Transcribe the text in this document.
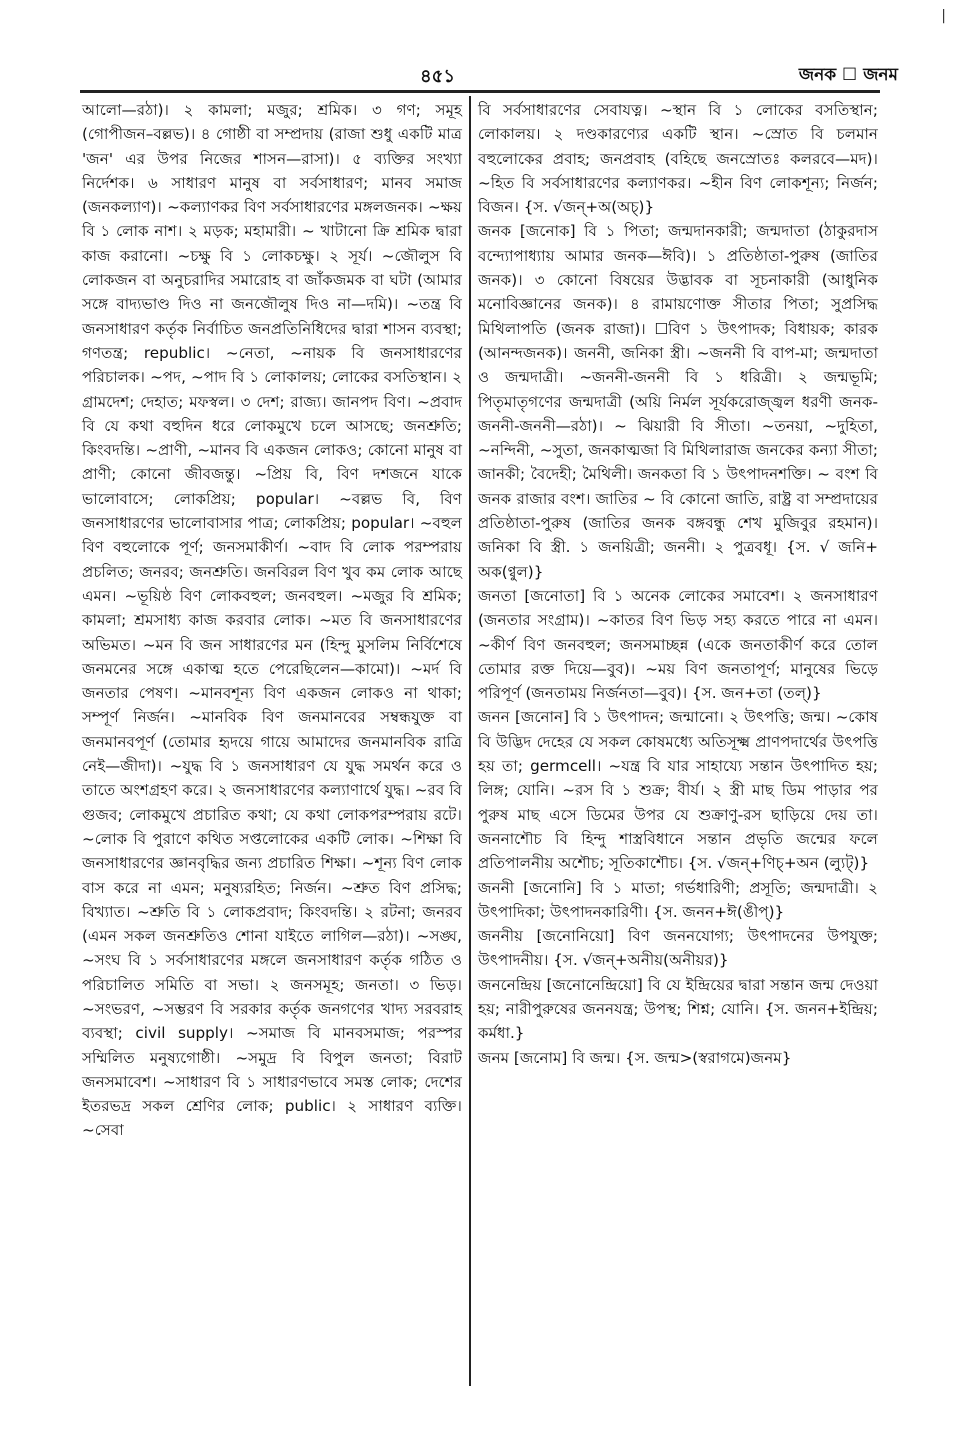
|
৪৫১	জনক ☐ জনম

আলো—রঠা)। ২ কামলা; মজুর; শ্রমিক। ৩ গণ; সমূহ (গোপীজন–বল্লভ)। ৪ গোষ্ঠী বা সম্প্রদায় (রাজা শুধু একটি মাত্র 'জন' এর উপর নিজের শাসন—রাসা)। ৫ ব্যক্তির সংখ্যা নির্দেশক। ৬ সাধারণ মানুষ বা সর্বসাধারণ; মানব সমাজ (জনকল্যাণ)। ~কল্যাণকর বিণ সর্বসাধারণের মঙ্গলজনক। ~ক্ষয় বি ১ লোক নাশ। ২ মড়ক; মহামারী। ~ খাটানো ক্রি শ্রমিক দ্বারা কাজ করানো। ~চক্ষু বি ১ লোকচক্ষু। ২ সূর্য। ~জৌলুস বি লোকজন বা অনুচরাদির সমারোহ বা জাঁকজমক বা ঘটা (আমার সঙ্গে বাদ্যভাণ্ড দিও না জনজৌলুষ দিও না—দমি)। ~তন্ত্র বি জনসাধারণ কর্তৃক নির্বাচিত জনপ্রতিনিধিদের দ্বারা শাসন ব্যবস্থা; গণতন্ত্র; republic। ~নেতা, ~নায়ক বি জনসাধারণের পরিচালক। ~পদ, ~পাদ বি ১ লোকালয়; লোকের বসতিস্থান। ২ গ্রামদেশ; দেহাত; মফস্বল। ৩ দেশ; রাজ্য। জানপদ বিণ। ~প্রবাদ বি যে কথা বহুদিন ধরে লোকমুখে চলে আসছে; জনশ্রুতি; কিংবদন্তি। ~প্রাণী, ~মানব বি একজন লোকও; কোনো মানুষ বা প্রাণী; কোনো জীবজন্তু। ~প্রিয় বি, বিণ দশজনে যাকে ভালোবাসে; লোকপ্রিয়; popular। ~বল্লভ বি, বিণ জনসাধারণের ভালোবাসার পাত্র; লোকপ্রিয়; popular। ~বহুল বিণ বহুলোকে পূর্ণ; জনসমাকীর্ণ। ~বাদ বি লোক পরম্পরায় প্রচলিত; জনরব; জনশ্রুতি। জনবিরল বিণ খুব কম লোক আছে এমন। ~ভূয়িষ্ঠ বিণ লোকবহুল; জনবহুল। ~মজুর বি শ্রমিক; কামলা; শ্রমসাধ্য কাজ করবার লোক। ~মত বি জনসাধারণের অভিমত। ~মন বি জন সাধারণের মন (হিন্দু মুসলিম নির্বিশেষে জনমনের সঙ্গে একাত্ম হতে পেরেছিলেন—কামো)। ~মর্দ বি জনতার পেষণ। ~মানবশূন্য বিণ একজন লোকও না থাকা; সম্পূর্ণ নির্জন। ~মানবিক বিণ জনমানবের সম্বন্ধযুক্ত বা জনমানবপূর্ণ (তোমার হৃদয়ে গায়ে আমাদের জনমানবিক রাত্রি নেই—জীদা)। ~যুদ্ধ বি ১ জনসাধারণ যে যুদ্ধ সমর্থন করে ও তাতে অংশগ্রহণ করে। ২ জনসাধারণের কল্যাণার্থে যুদ্ধ। ~রব বি গুজব; লোকমুখে প্রচারিত কথা; যে কথা লোকপরম্পরায় রটে। ~লোক বি পুরাণে কথিত সপ্তলোকের একটি লোক। ~শিক্ষা বি জনসাধারণের জ্ঞানবৃদ্ধির জন্য প্রচারিত শিক্ষা। ~শূন্য বিণ লোক বাস করে না এমন; মনুষ্যরহিত; নির্জন। ~শ্রুত বিণ প্রসিদ্ধ; বিখ্যাত। ~শ্রুতি বি ১ লোকপ্রবাদ; কিংবদন্তি। ২ রটনা; জনরব (এমন সকল জনশ্রুতিও শোনা যাইতে লাগিল—রঠা)। ~সঙ্ঘ, ~সংঘ বি ১ সর্বসাধারণের মঙ্গলে জনসাধারণ কর্তৃক গঠিত ও পরিচালিত সমিতি বা সভা। ২ জনসমূহ; জনতা। ৩ ভিড়। ~সংভরণ, ~সম্ভরণ বি সরকার কর্তৃক জনগণের খাদ্য সরবরাহ ব্যবস্থা; civil supply। ~সমাজ বি মানবসমাজ; পরস্পর সম্মিলিত মনুষ্যগোষ্ঠী। ~সমুদ্র বি বিপুল জনতা; বিরাট জনসমাবেশ। ~সাধারণ বি ১ সাধারণভাবে সমস্ত লোক; দেশের ইতরভদ্র সকল শ্রেণির লোক; public। ২ সাধারণ ব্যক্তি। ~সেবা

বি সর্বসাধারণের সেবাযত্ন। ~স্থান বি ১ লোকের বসতিস্থান; লোকালয়। ২ দণ্ডকারণ্যের একটি স্থান। ~স্রোত বি চলমান বহুলোকের প্রবাহ; জনপ্রবাহ (বহিছে জনস্রোতঃ কলরবে—মদ)। ~হিত বি সর্বসাধারণের কল্যাণকর। ~হীন বিণ লোকশূন্য; নির্জন; বিজন। {স. √জন্+অ(অচ্)}

জনক [জনোক] বি ১ পিতা; জন্মদানকারী; জন্মদাতা (ঠাকুরদাস বন্দ্যোপাধ্যায় আমার জনক—ঈবি)। ১ প্রতিষ্ঠাতা-পুরুষ (জাতির জনক)। ৩ কোনো বিষয়ের উদ্ভাবক বা সূচনাকারী (আধুনিক মনোবিজ্ঞানের জনক)। ৪ রামায়ণোক্ত সীতার পিতা; সুপ্রসিদ্ধ মিথিলাপতি (জনক রাজা)। ☐বিণ ১ উৎপাদক; বিধায়ক; কারক (আনন্দজনক)। জননী, জনিকা স্ত্রী। ~জননী বি বাপ-মা; জন্মদাতা ও জন্মদাত্রী। ~জননী-জননী বি ১ ধরিত্রী। ২ জন্মভূমি; পিতৃমাতৃগণের জন্মদাত্রী (অয়ি নির্মল সূর্যকরোজ্জ্বল ধরণী জনক-জননী-জননী—রঠা)। ~ ঝিয়ারী বি সীতা। ~তনয়া, ~দুহিতা, ~নন্দিনী, ~সুতা, জনকাত্মজা বি মিথিলারাজ জনকের কন্যা সীতা; জানকী; বৈদেহী; মৈথিলী। জনকতা বি ১ উৎপাদনশক্তি। ~ বংশ বি জনক রাজার বংশ। জাতির ~ বি কোনো জাতি, রাষ্ট্র বা সম্প্রদায়ের প্রতিষ্ঠাতা-পুরুষ (জাতির জনক বঙ্গবন্ধু শেখ মুজিবুর রহমান)। জনিকা বি স্ত্রী. ১ জনয়িত্রী; জননী। ২ পুত্রবধূ। {স. √ জনি+ অক(ণ্বুল)}

জনতা [জনোতা] বি ১ অনেক লোকের সমাবেশ। ২ জনসাধারণ (জনতার সংগ্রাম)। ~কাতর বিণ ভিড় সহ্য করতে পারে না এমন। ~কীর্ণ বিণ জনবহুল; জনসমাচ্ছন্ন (একে জনতাকীর্ণ করে তোল তোমার রক্ত দিয়ে—বুব)। ~ময় বিণ জনতাপূর্ণ; মানুষের ভিড়ে পরিপূর্ণ (জনতাময় নির্জনতা—বুব)। {স. জন+তা (তল্)}

জনন [জনোন] বি ১ উৎপাদন; জন্মানো। ২ উৎপত্তি; জন্ম। ~কোষ বি উদ্ভিদ দেহের যে সকল কোষমধ্যে অতিসূক্ষ্ম প্রাণপদার্থের উৎপত্তি হয় তা; germcell। ~যন্ত্র বি যার সাহায্যে সন্তান উৎপাদিত হয়; লিঙ্গ; যোনি। ~রস বি ১ শুক্র; বীর্য। ২ স্ত্রী মাছ ডিম পাড়ার পর পুরুষ মাছ এসে ডিমের উপর যে শুক্রাণু-রস ছাড়িয়ে দেয় তা। জননাশৌচ বি হিন্দু শাস্ত্রবিধানে সন্তান প্রভৃতি জন্মের ফলে প্রতিপালনীয় অশৌচ; সূতিকাশৌচ। {স. √জন্+ণিচ্+অন (ল্যুট্)}

জননী [জনোনি] বি ১ মাতা; গর্ভধারিণী; প্রসূতি; জন্মদাত্রী। ২ উৎপাদিকা; উৎপাদনকারিণী। {স. জনন+ঈ(ঙীপ্)}

জননীয় [জনোনিয়ো] বিণ জননযোগ্য; উৎপাদনের উপযুক্ত; উৎপাদনীয়। {স. √জন্+অনীয়(অনীয়র)}

জননেন্দ্রিয় [জনোনেন্দ্রিয়ো] বি যে ইন্দ্রিয়ের দ্বারা সন্তান জন্ম দেওয়া হয়; নারীপুরুষের জননযন্ত্র; উপস্থ; শিশ্ন; যোনি। {স. জনন+ইন্দ্রিয়; কর্মধা.}

জনম [জনোম] বি জন্ম। {স. জন্ম>(স্বরাগমে)জনম}
